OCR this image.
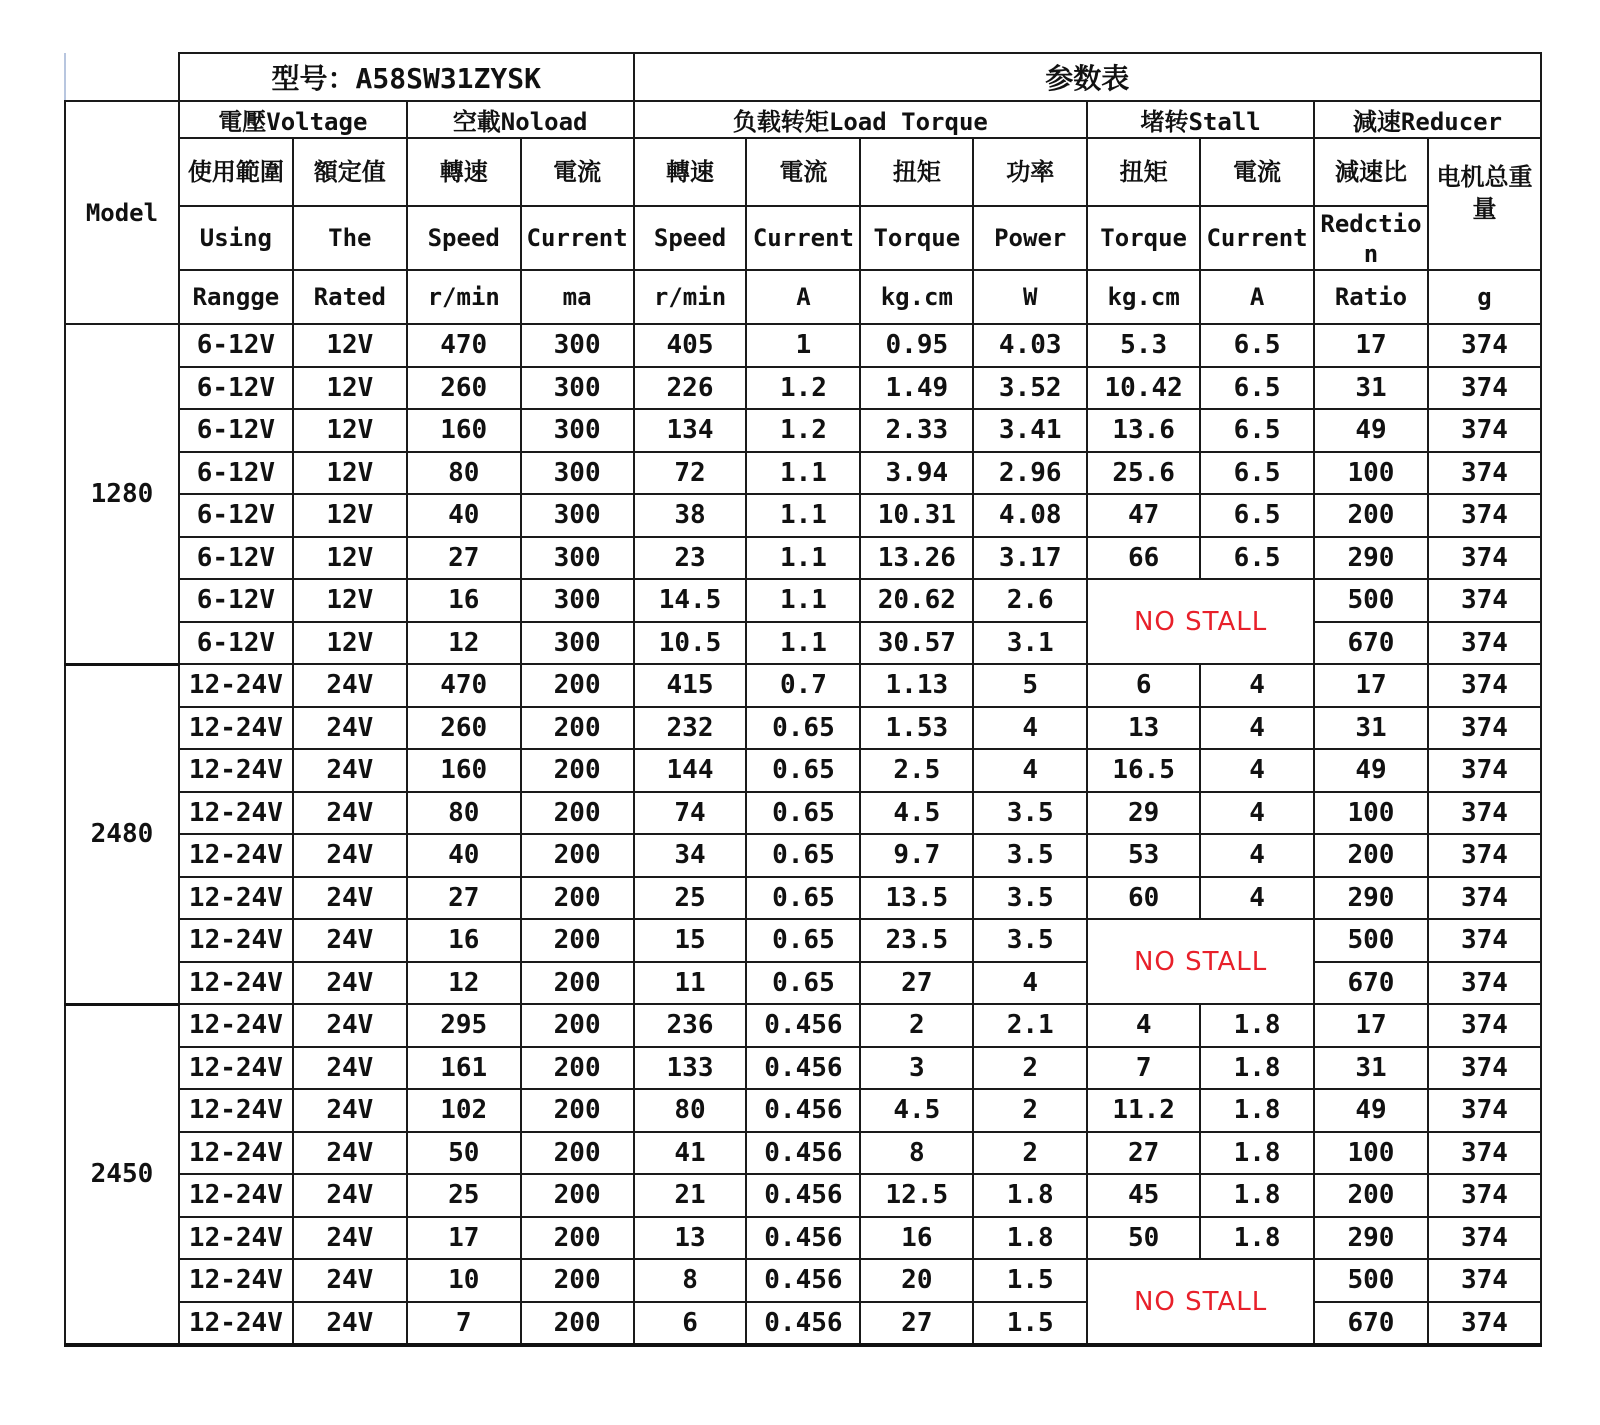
	型号：A58SW31ZYSK				参数表							
Model	電壓Voltage		空載Noload		负载转矩Load Torque				堵转Stall		減速Reducer	
	使用範圍	額定值	轉速	電流	轉速	電流	扭矩	功率	扭矩	電流	減速比	电机总重量
	Using	The	Speed	Current	Speed	Current	Torque	Power	Torque	Current	Redctio n	
	Rangge	Rated	r/min	ma	r/min	A	kg.cm	W	kg.cm	A	Ratio	g
1280	6-12V	12V	470	300	405	1	0.95	4.03	5.3	6.5	17	374
	6-12V	12V	260	300	226	1.2	1.49	3.52	10.42	6.5	31	374
	6-12V	12V	160	300	134	1.2	2.33	3.41	13.6	6.5	49	374
	6-12V	12V	80	300	72	1.1	3.94	2.96	25.6	6.5	100	374
	6-12V	12V	40	300	38	1.1	10.31	4.08	47	6.5	200	374
	6-12V	12V	27	300	23	1.1	13.26	3.17	66	6.5	290	374
	6-12V	12V	16	300	14.5	1.1	20.62	2.6	NO STALL		500	374
	6-12V	12V	12	300	10.5	1.1	30.57	3.1			670	374
2480	12-24V	24V	470	200	415	0.7	1.13	5	6	4	17	374
	12-24V	24V	260	200	232	0.65	1.53	4	13	4	31	374
	12-24V	24V	160	200	144	0.65	2.5	4	16.5	4	49	374
	12-24V	24V	80	200	74	0.65	4.5	3.5	29	4	100	374
	12-24V	24V	40	200	34	0.65	9.7	3.5	53	4	200	374
	12-24V	24V	27	200	25	0.65	13.5	3.5	60	4	290	374
	12-24V	24V	16	200	15	0.65	23.5	3.5	NO STALL		500	374
	12-24V	24V	12	200	11	0.65	27	4			670	374
2450	12-24V	24V	295	200	236	0.456	2	2.1	4	1.8	17	374
	12-24V	24V	161	200	133	0.456	3	2	7	1.8	31	374
	12-24V	24V	102	200	80	0.456	4.5	2	11.2	1.8	49	374
	12-24V	24V	50	200	41	0.456	8	2	27	1.8	100	374
	12-24V	24V	25	200	21	0.456	12.5	1.8	45	1.8	200	374
	12-24V	24V	17	200	13	0.456	16	1.8	50	1.8	290	374
	12-24V	24V	10	200	8	0.456	20	1.5	NO STALL		500	374
	12-24V	24V	7	200	6	0.456	27	1.5			670	374
